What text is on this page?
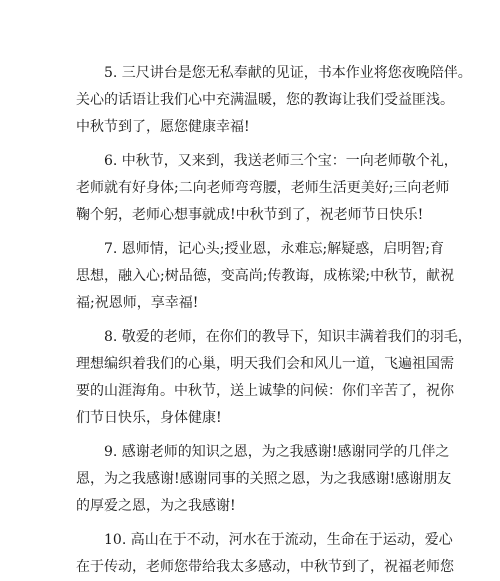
5. 三尺讲台是您无私奉献的见证，书本作业将您夜晚陪伴。
关心的话语让我们心中充满温暖，您的教诲让我们受益匪浅。
中秋节到了，愿您健康幸福!
6. 中秋节，又来到，我送老师三个宝：一向老师敬个礼，
老师就有好身体;二向老师弯弯腰，老师生活更美好;三向老师
鞠个躬，老师心想事就成!中秋节到了，祝老师节日快乐!
7. 恩师情，记心头;授业恩，永难忘;解疑惑，启明智;育
思想，融入心;树品德，变高尚;传教诲，成栋梁;中秋节，献祝
福;祝恩师，享幸福!
8. 敬爱的老师，在你们的教导下，知识丰满着我们的羽毛，
理想编织着我们的心巢，明天我们会和风儿一道，飞遍祖国需
要的山涯海角。中秋节，送上诚挚的问候：你们辛苦了，祝你
们节日快乐，身体健康!
9. 感谢老师的知识之恩，为之我感谢!感谢同学的几伴之
恩，为之我感谢!感谢同事的关照之恩，为之我感谢!感谢朋友
的厚爱之恩，为之我感谢!
10. 高山在于不动，河水在于流动，生命在于运动，爱心
在于传动，老师您带给我太多感动，中秋节到了，祝福老师您
